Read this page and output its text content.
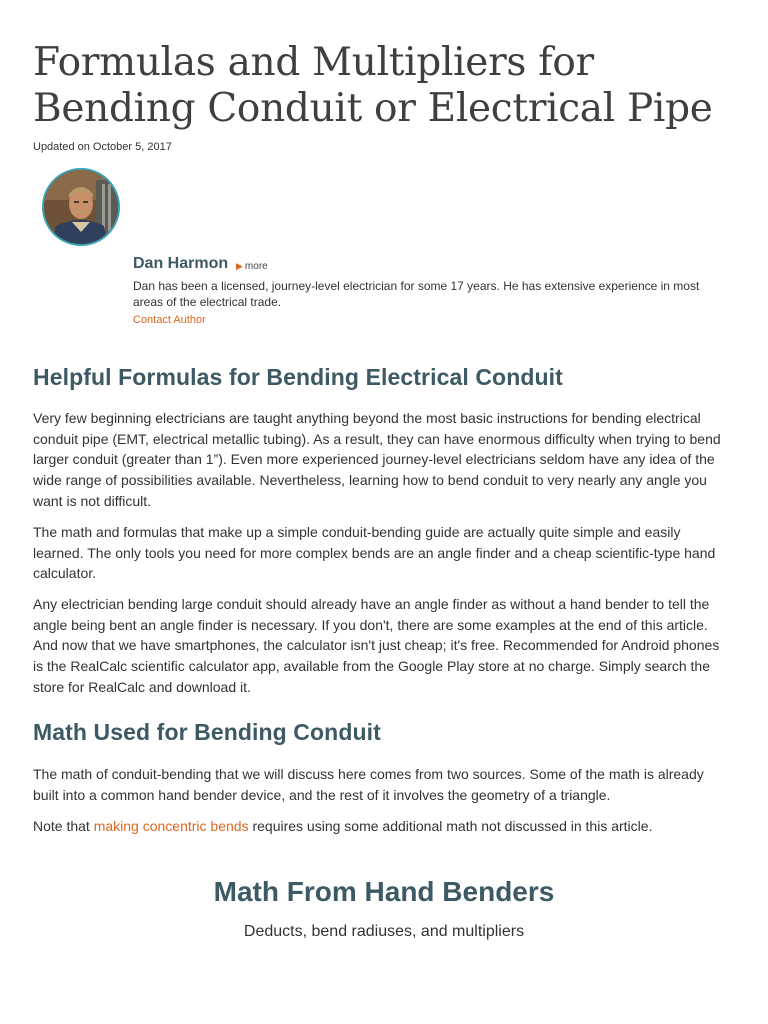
Formulas and Multipliers for Bending Conduit or Electrical Pipe
Updated on October 5, 2017
Dan Harmon ▶ more
Dan has been a licensed, journey-level electrician for some 17 years. He has extensive experience in most areas of the electrical trade.
Contact Author
Helpful Formulas for Bending Electrical Conduit

Very few beginning electricians are taught anything beyond the most basic instructions for bending electrical conduit pipe (EMT, electrical metallic tubing). As a result, they can have enormous difficulty when trying to bend larger conduit (greater than 1”). Even more experienced journey-level electricians seldom have any idea of the wide range of possibilities available. Nevertheless, learning how to bend conduit to very nearly any angle you want is not difficult.

The math and formulas that make up a simple conduit-bending guide are actually quite simple and easily learned. The only tools you need for more complex bends are an angle finder and a cheap scientific-type hand calculator.

Any electrician bending large conduit should already have an angle finder as without a hand bender to tell the angle being bent an angle finder is necessary. If you don't, there are some examples at the end of this article. And now that we have smartphones, the calculator isn't just cheap; it's free. Recommended for Android phones is the RealCalc scientific calculator app, available from the Google Play store at no charge. Simply search the store for RealCalc and download it.

Math Used for Bending Conduit

The math of conduit-bending that we will discuss here comes from two sources. Some of the math is already built into a common hand bender device, and the rest of it involves the geometry of a triangle.

Note that making concentric bends requires using some additional math not discussed in this article.

Math From Hand Benders
Deducts, bend radiuses, and multipliers
